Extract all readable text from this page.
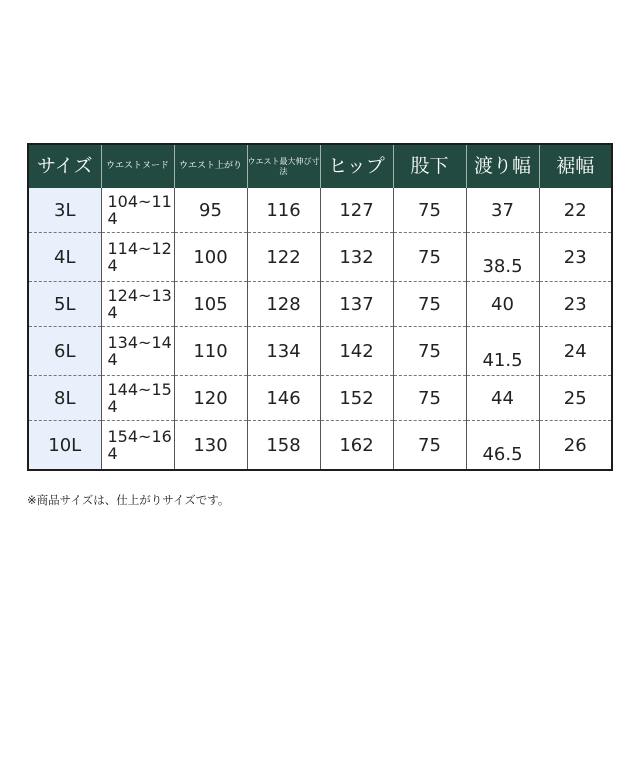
サイズ	ウエストヌード	ウエスト上がり	ウエスト最大伸び寸法	ヒップ	股下	渡り幅	裾幅
3L	104~114	95	116	127	75	37	22
4L	114~124	100	122	132	75	38.5	23
5L	124~134	105	128	137	75	40	23
6L	134~144	110	134	142	75	41.5	24
8L	144~154	120	146	152	75	44	25
10L	154~164	130	158	162	75	46.5	26
※商品サイズは、仕上がりサイズです。
